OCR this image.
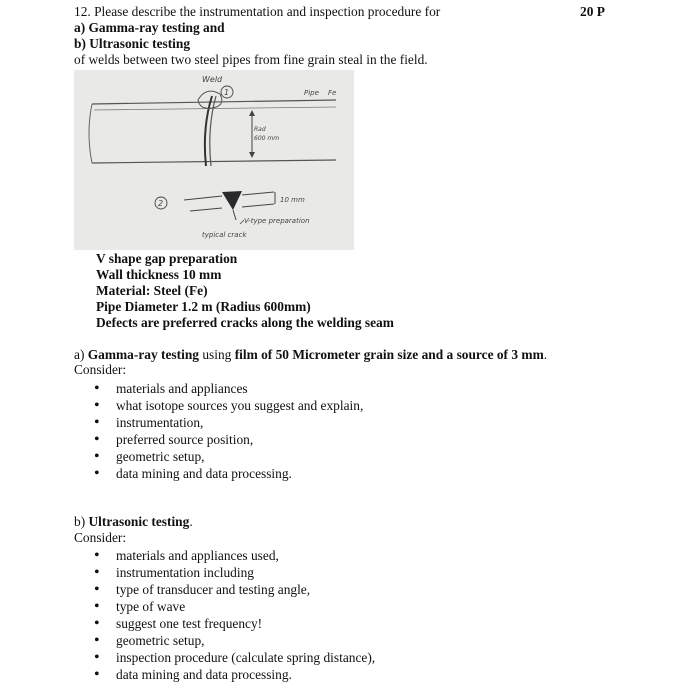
12. Please describe the instrumentation and inspection procedure for	20 P
a) Gamma-ray testing and
b) Ultrasonic testing
of welds between two steel pipes from fine grain steal in the field.
1
Weld
Pipe Fe
Rad
600 mm
2	10 mm
V-type preparation
typical crack
V shape gap preparation
Wall thickness 10 mm
Material: Steel (Fe)
Pipe Diameter 1.2 m (Radius 600mm)
Defects are preferred cracks along the welding seam
a) Gamma-ray testing using film of 50 Micrometer grain size and a source of 3 mm.
Consider:
• materials and appliances
• what isotope sources you suggest and explain,
• instrumentation,
• preferred source position,
• geometric setup,
• data mining and data processing.
b) Ultrasonic testing.
Consider:
• materials and appliances used,
• instrumentation including
• type of transducer and testing angle,
• type of wave
• suggest one test frequency!
• geometric setup,
• inspection procedure (calculate spring distance),
• data mining and data processing.
